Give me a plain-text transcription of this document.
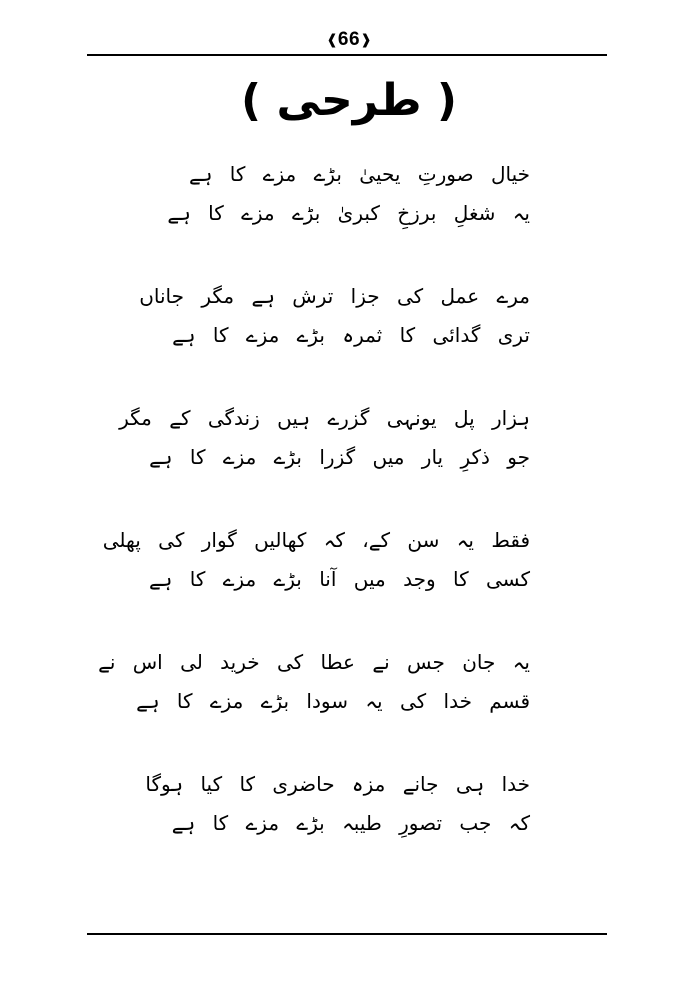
❰66❱
( طرحی )
خیال صورتِ یحییٰ بڑے مزے کا ہے
یہ شغلِ برزخِ کبریٰ بڑے مزے کا ہے
مرے عمل کی جزا ترش ہے مگر جاناں
تری گدائی کا ثمرہ بڑے مزے کا ہے
ہزار پل یونہی گزرے ہیں زندگی کے مگر
جو ذکرِ یار میں گزرا بڑے مزے کا ہے
فقط یہ سن کے، کہ کھالیں گوار کی پھلی
کسی کا وجد میں آنا بڑے مزے کا ہے
یہ جان جس نے عطا کی خرید لی اس نے
قسم خدا کی یہ سودا بڑے مزے کا ہے
خدا ہی جانے مزہ حاضری کا کیا ہوگا
کہ جب تصورِ طیبہ بڑے مزے کا ہے
